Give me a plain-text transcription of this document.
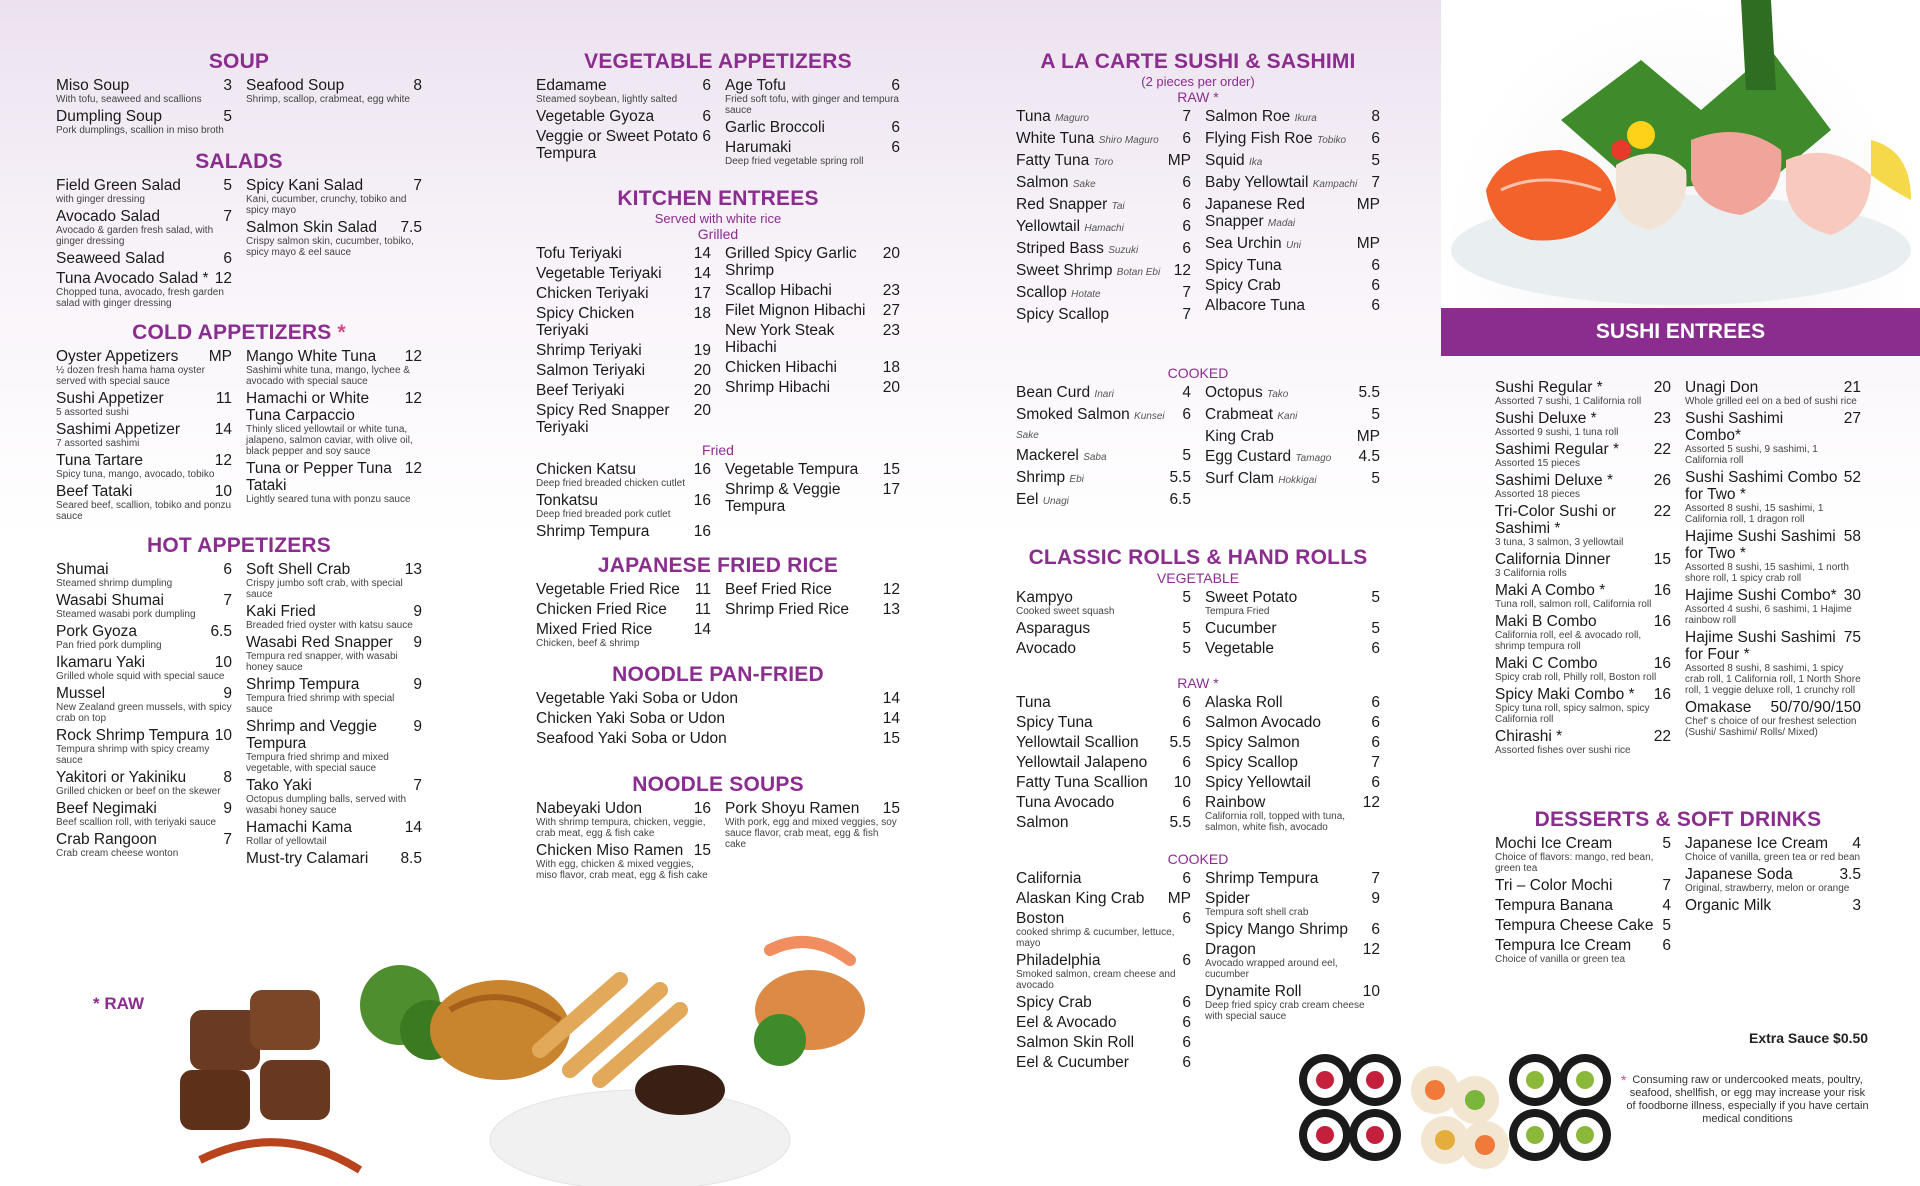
SOUP
Miso Soup	3
With tofu, seaweed and scallions
Dumpling Soup	5
Pork dumplings, scallion in miso broth
Seafood Soup	8
Shrimp, scallop, crabmeat, egg white
SALADS
Field Green Salad	5
with ginger dressing
Avocado Salad	7
Avocado & garden fresh salad, with ginger dressing
Seaweed Salad	6
Tuna Avocado Salad * 12
Chopped tuna, avocado, fresh garden salad with ginger dressing
Spicy Kani Salad	7
Kani, cucumber, crunchy, tobiko and spicy mayo
Salmon Skin Salad 7.5
Crispy salmon skin, cucumber, tobiko, spicy mayo & eel sauce
COLD APPETIZERS *
Oyster Appetizers MP
½ dozen fresh hama hama oyster served with special sauce
Sushi Appetizer	11
5 assorted sushi
Sashimi Appetizer 14
7 assorted sashimi
Tuna Tartare	12
Spicy tuna, mango, avocado, tobiko
Beef Tataki	10
Seared beef, scallion, tobiko and ponzu sauce
Mango White Tuna 12
Sashimi white tuna, mango, lychee & avocado with special sauce
Hamachi or White Tuna Carpaccio
12
Thinly sliced yellowtail or white tuna, jalapeno, salmon caviar, with olive oil, black pepper and soy sauce
Tuna or Pepper Tuna Tataki
12
Lightly seared tuna with ponzu sauce
HOT APPETIZERS
Shumai	6
Steamed shrimp dumpling
Wasabi Shumai	7
Steamed wasabi pork dumpling
Pork Gyoza	6.5
Pan fried pork dumpling
Ikamaru Yaki	10
Grilled whole squid with special sauce
Mussel	9
New Zealand green mussels, with spicy crab on top
Rock Shrimp Tempura 10
Tempura shrimp with spicy creamy sauce
Yakitori or Yakiniku 8
Grilled chicken or beef on the skewer
Beef Negimaki	9
Beef scallion roll, with teriyaki sauce
Crab Rangoon	7
Crab cream cheese wonton
Soft Shell Crab	13
Crispy jumbo soft crab, with special sauce
Kaki Fried	9
Breaded fried oyster with katsu sauce
Wasabi Red Snapper 9
Tempura red snapper, with wasabi honey sauce
Shrimp Tempura	9
Tempura fried shrimp with special sauce
Shrimp and Veggie Tempura
9
Tempura fried shrimp and mixed vegetable, with special sauce
Tako Yaki	7
Octopus dumpling balls, served with wasabi honey sauce
Hamachi Kama	14
Rollar of yellowtail
Must-try Calamari 8.5
* RAW
VEGETABLE APPETIZERS
Edamame	6
Steamed soybean, lightly salted
Vegetable Gyoza	6
Veggie or Sweet Potato Tempura
6
Age Tofu	6
Fried soft tofu, with ginger and tempura sauce
Garlic Broccoli	6
Harumaki	6
Deep fried vegetable spring roll
KITCHEN ENTREES
Served with white rice
Grilled
Tofu Teriyaki	14
Vegetable Teriyaki 14
Chicken Teriyaki	17
Spicy Chicken Teriyaki
18
Shrimp Teriyaki	19
Salmon Teriyaki	20
Beef Teriyaki	20
Spicy Red Snapper Teriyaki
20
Grilled Spicy Garlic Shrimp
20
Scallop Hibachi	23
Filet Mignon Hibachi 27
New York Steak Hibachi
23
Chicken Hibachi	18
Shrimp Hibachi	20
Fried
Chicken Katsu	16
Deep fried breaded chicken cutlet
Tonkatsu	16
Deep fried breaded pork cutlet
Shrimp Tempura	16
Vegetable Tempura 15
Shrimp & Veggie Tempura
17
JAPANESE FRIED RICE
Vegetable Fried Rice 11
Chicken Fried Rice 11
Mixed Fried Rice	14
Chicken, beef & shrimp
Beef Fried Rice	12
Shrimp Fried Rice 13
NOODLE PAN-FRIED
Vegetable Yaki Soba or Udon	14
Chicken Yaki Soba or Udon	14
Seafood Yaki Soba or Udon	15
NOODLE SOUPS
Nabeyaki Udon	16
With shrimp tempura, chicken, veggie, crab meat, egg & fish cake
Chicken Miso Ramen 15
With egg, chicken & mixed veggies, miso flavor, crab meat, egg & fish cake
Pork Shoyu Ramen 15
With pork, egg and mixed veggies, soy sauce flavor, crab meat, egg & fish cake
A LA CARTE SUSHI & SASHIMI
(2 pieces per order)
RAW *
Tuna Maguro	7
White Tuna Shiro Maguro 6
Fatty Tuna Toro	MP
Salmon Sake	6
Red Snapper Tai	6
Yellowtail Hamachi	6
Striped Bass Suzuki	6
Sweet Shrimp Botan Ebi 12
Scallop Hotate	7
Spicy Scallop	7
Salmon Roe Ikura	8
Flying Fish Roe Tobiko 6
Squid Ika	5
Baby Yellowtail Kampachi 7
Japanese Red Snapper Madai
MP
Sea Urchin Uni	MP
Spicy Tuna	6
Spicy Crab	6
Albacore Tuna	6
COOKED
Bean Curd Inari	4
Smoked Salmon Kunsei Sake
6
Mackerel Saba	5
Shrimp Ebi	5.5
Eel Unagi	6.5
Octopus Tako	5.5
Crabmeat Kani	5
King Crab	MP
Egg Custard Tamago 4.5
Surf Clam Hokkigai	5
CLASSIC ROLLS & HAND ROLLS
VEGETABLE
Kampyo	5
Cooked sweet squash
Asparagus	5
Avocado	5
Sweet Potato	5
Tempura Fried
Cucumber	5
Vegetable	6
RAW *
Tuna	6
Spicy Tuna	6
Yellowtail Scallion 5.5
Yellowtail Jalapeno 6
Fatty Tuna Scallion 10
Tuna Avocado	6
Salmon	5.5
Alaska Roll	6
Salmon Avocado	6
Spicy Salmon	6
Spicy Scallop	7
Spicy Yellowtail	6
Rainbow	12
California roll, topped with tuna, salmon, white fish, avocado
COOKED
California	6
Alaskan King Crab MP
Boston	6
cooked shrimp & cucumber, lettuce, mayo
Philadelphia	6
Smoked salmon, cream cheese and avocado
Spicy Crab	6
Eel & Avocado	6
Salmon Skin Roll	6
Eel & Cucumber	6
Shrimp Tempura	7
Spider	9
Tempura soft shell crab
Spicy Mango Shrimp 6
Dragon	12
Avocado wrapped around eel, cucumber
Dynamite Roll	10
Deep fried spicy crab cream cheese with special sauce
SUSHI ENTREES
Sushi Regular *	20
Assorted 7 sushi, 1 California roll
Sushi Deluxe *	23
Assorted 9 sushi, 1 tuna roll
Sashimi Regular * 22
Assorted 15 pieces
Sashimi Deluxe *	26
Assorted 18 pieces
Tri-Color Sushi or Sashimi *
22
3 tuna, 3 salmon, 3 yellowtail
California Dinner	15
3 California rolls
Maki A Combo *	16
Tuna roll, salmon roll, California roll
Maki B Combo	16
California roll, eel & avocado roll, shrimp tempura roll
Maki C Combo	16
Spicy crab roll, Philly roll, Boston roll
Spicy Maki Combo * 16
Spicy tuna roll, spicy salmon, spicy California roll
Chirashi *	22
Assorted fishes over sushi rice
Unagi Don	21
Whole grilled eel on a bed of sushi rice
Sushi Sashimi Combo*
27
Assorted 5 sushi, 9 sashimi, 1 California roll
Sushi Sashimi Combo for Two *
52
Assorted 8 sushi, 15 sashimi, 1 California roll, 1 dragon roll
Hajime Sushi Sashimi for Two *
58
Assorted 8 sushi, 15 sashimi, 1 north shore roll, 1 spicy crab roll
Hajime Sushi Combo* 30
Assorted 4 sushi, 6 sashimi, 1 Hajime rainbow roll
Hajime Sushi Sashimi for Four *
75
Assorted 8 sushi, 8 sashimi, 1 spicy crab roll, 1 California roll, 1 North Shore roll, 1 veggie deluxe roll, 1 crunchy roll
Omakase 50/70/90/150
Chef' s choice of our freshest selection (Sushi/ Sashimi/ Rolls/ Mixed)
DESSERTS & SOFT DRINKS
Mochi Ice Cream	5
Choice of flavors: mango, red bean, green tea
Tri – Color Mochi	7
Tempura Banana	4
Tempura Cheese Cake 5
Tempura Ice Cream 6
Choice of vanilla or green tea
Japanese Ice Cream 4
Choice of vanilla, green tea or red bean
Japanese Soda	3.5
Original, strawberry, melon or orange
Organic Milk	3
Extra Sauce $0.50
* Consuming raw or undercooked meats, poultry, seafood, shellfish, or egg may increase your risk of foodborne illness, especially if you have certain medical conditions
